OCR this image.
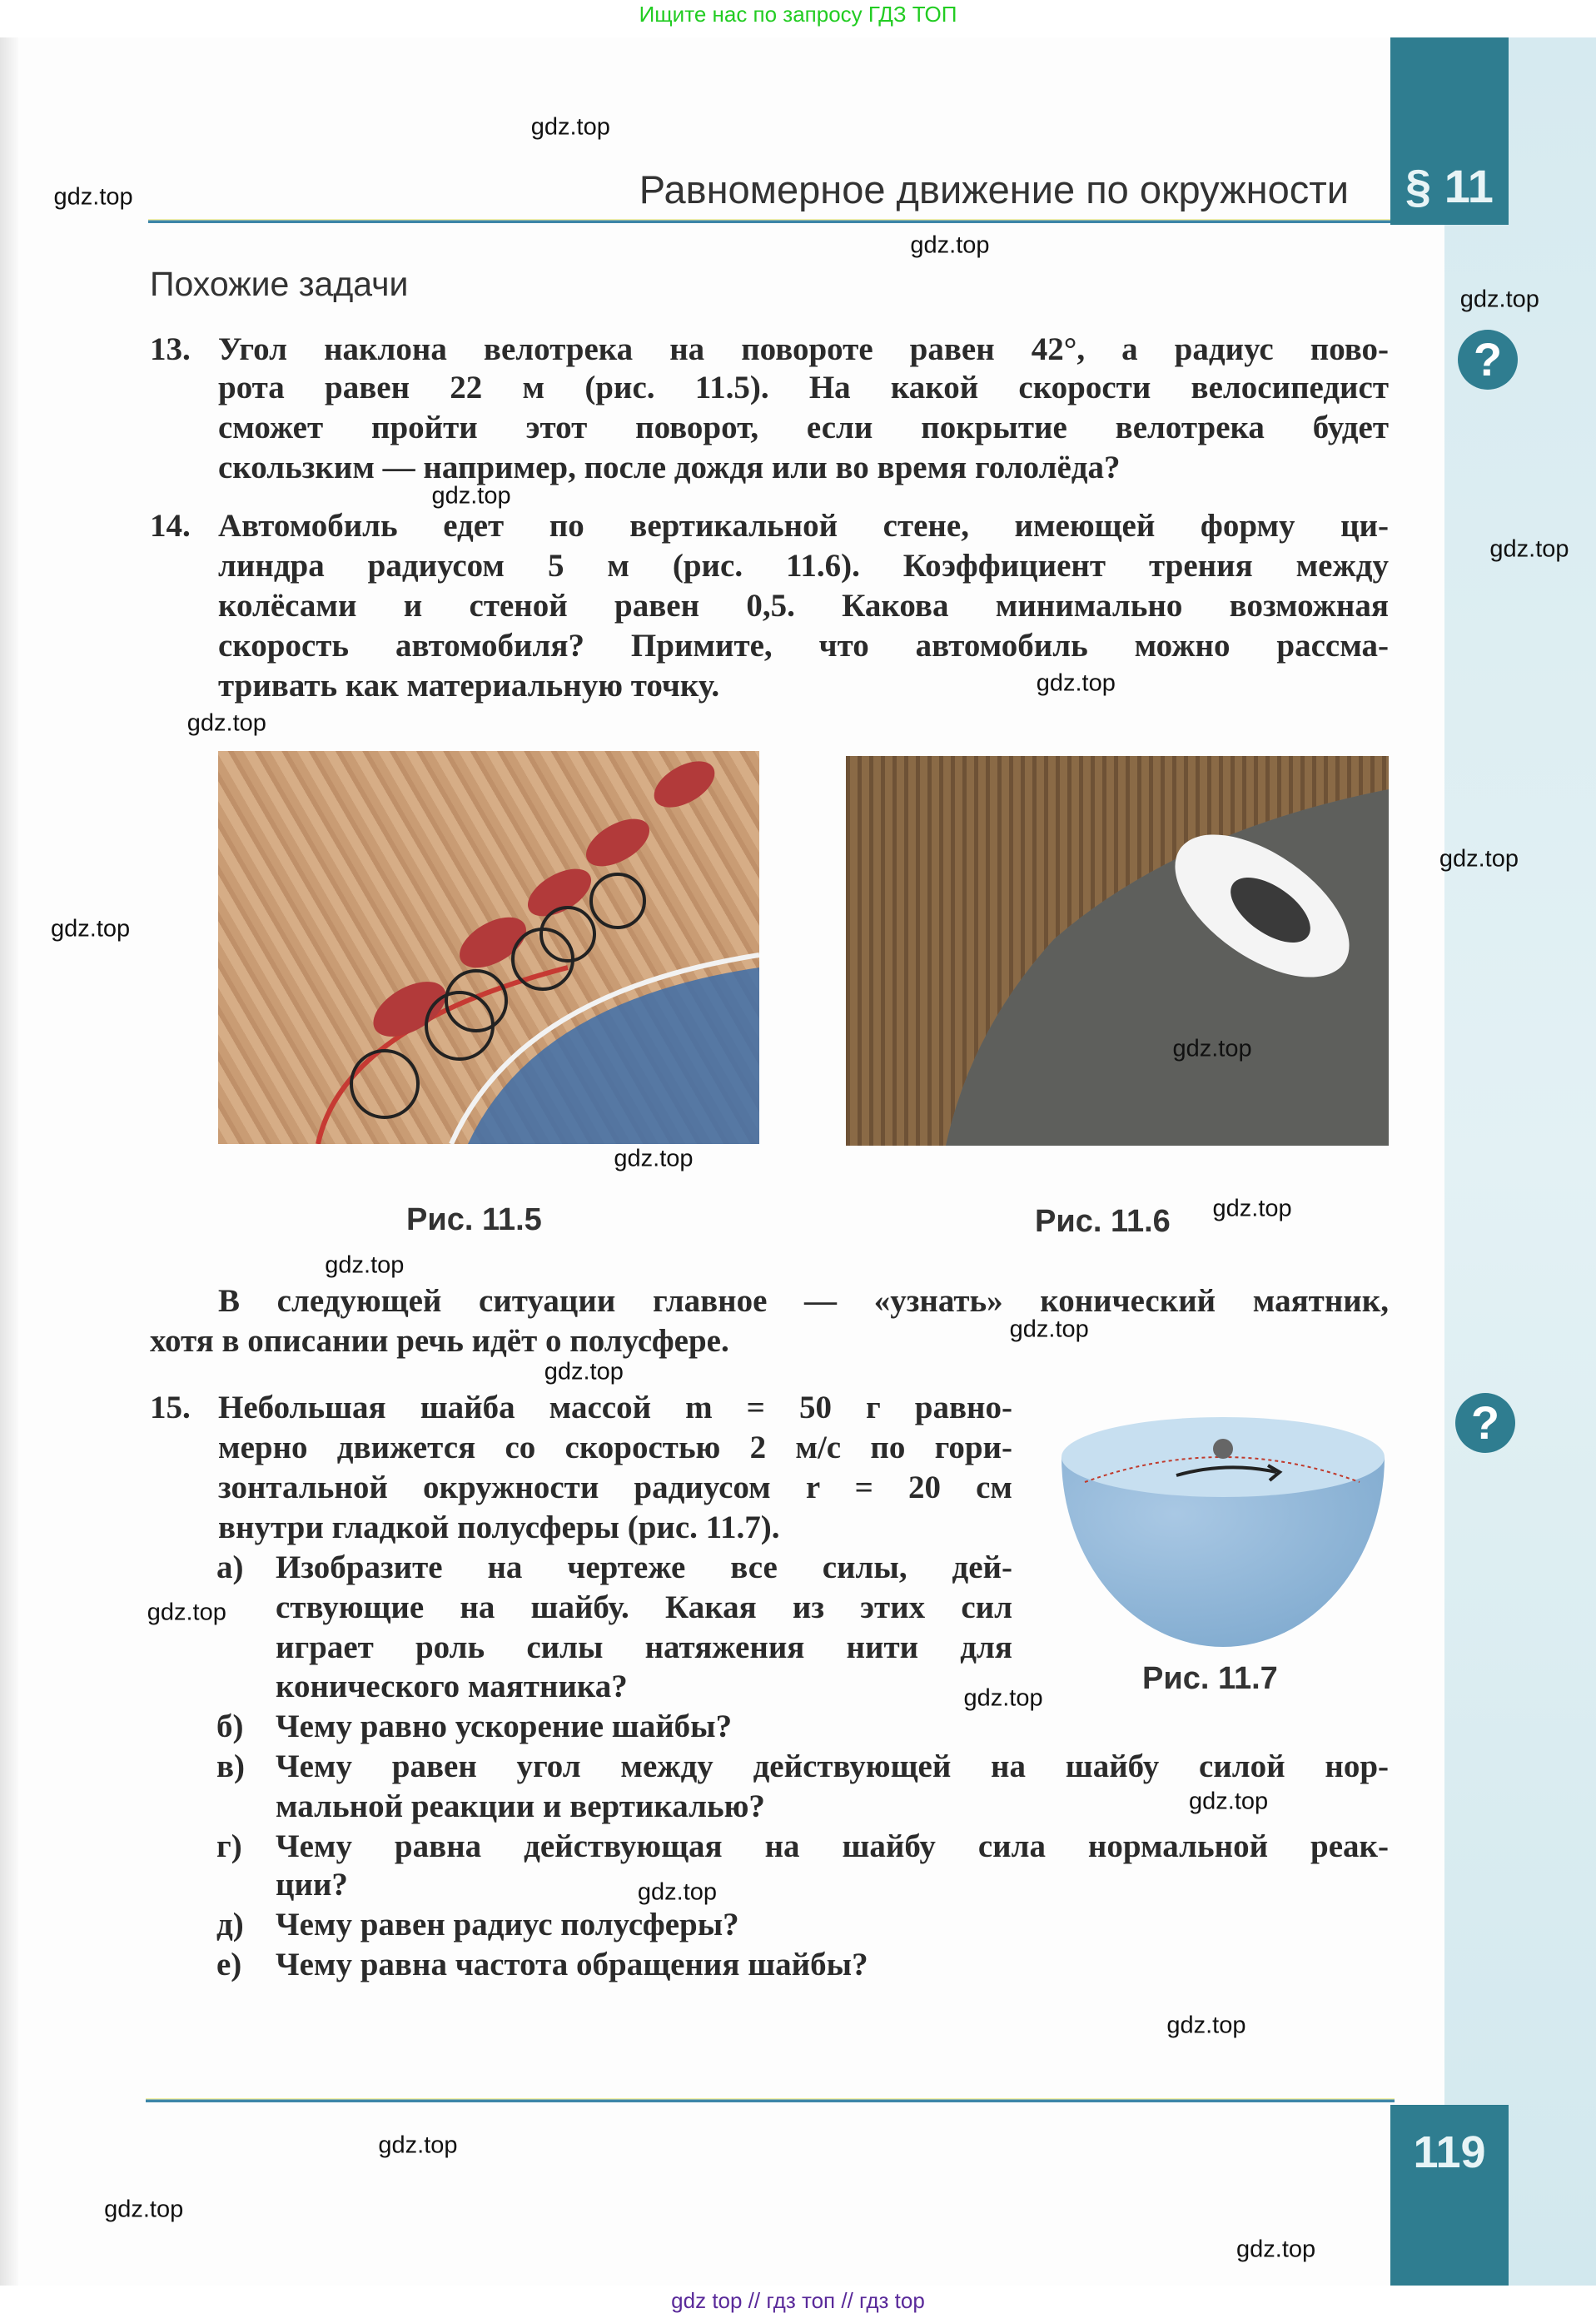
Ищите нас по запросу ГДЗ ТОП
Равномерное движение по окружности	§ 11
Похожие задачи
?
?
13. Угол наклона велотрека на повороте равен 42°, а радиус пово-
рота равен 22 м (рис. 11.5). На какой скорости велосипедист
сможет пройти этот поворот, если покрытие велотрека будет
скользким — например, после дождя или во время гололёда?
14. Автомобиль едет по вертикальной стене, имеющей форму ци-
линдра радиусом 5 м (рис. 11.6). Коэффициент трения между
колёсами и стеной равен 0,5. Какова минимально возможная
скорость автомобиля? Примите, что автомобиль можно рассма-
тривать как материальную точку.
В следующей ситуации главное — «узнать» конический маятник,
хотя в описании речь идёт о полусфере.
15. Небольшая шайба массой m = 50 г равно-
мерно движется со скоростью 2 м/с по гори-
зонтальной окружности радиусом r = 20 см
внутри гладкой полусферы (рис. 11.7).
а) Изобразите на чертеже все силы, дей-
ствующие на шайбу. Какая из этих сил
играет роль силы натяжения нити для
конического маятника?
б) Чему равно ускорение шайбы?
в) Чему равен угол между действующей на шайбу силой нор-
мальной реакции и вертикалью?
г) Чему равна действующая на шайбу сила нормальной реак-
ции?
д) Чему равен радиус полусферы?
е) Чему равна частота обращения шайбы?
Рис. 11.5	Рис. 11.6
Рис. 11.7
119
gdz.top
gdz.top
gdz.top
gdz.top
gdz.top
gdz.top
gdz.top
gdz.top
gdz.top
gdz.top
gdz.top
gdz.top
gdz.top
gdz.top
gdz.top
gdz.top
gdz.top
gdz.top
gdz.top
gdz.top
gdz.top
gdz.top
gdz.top
gdz.top
gdz top // гдз топ // гдз top
